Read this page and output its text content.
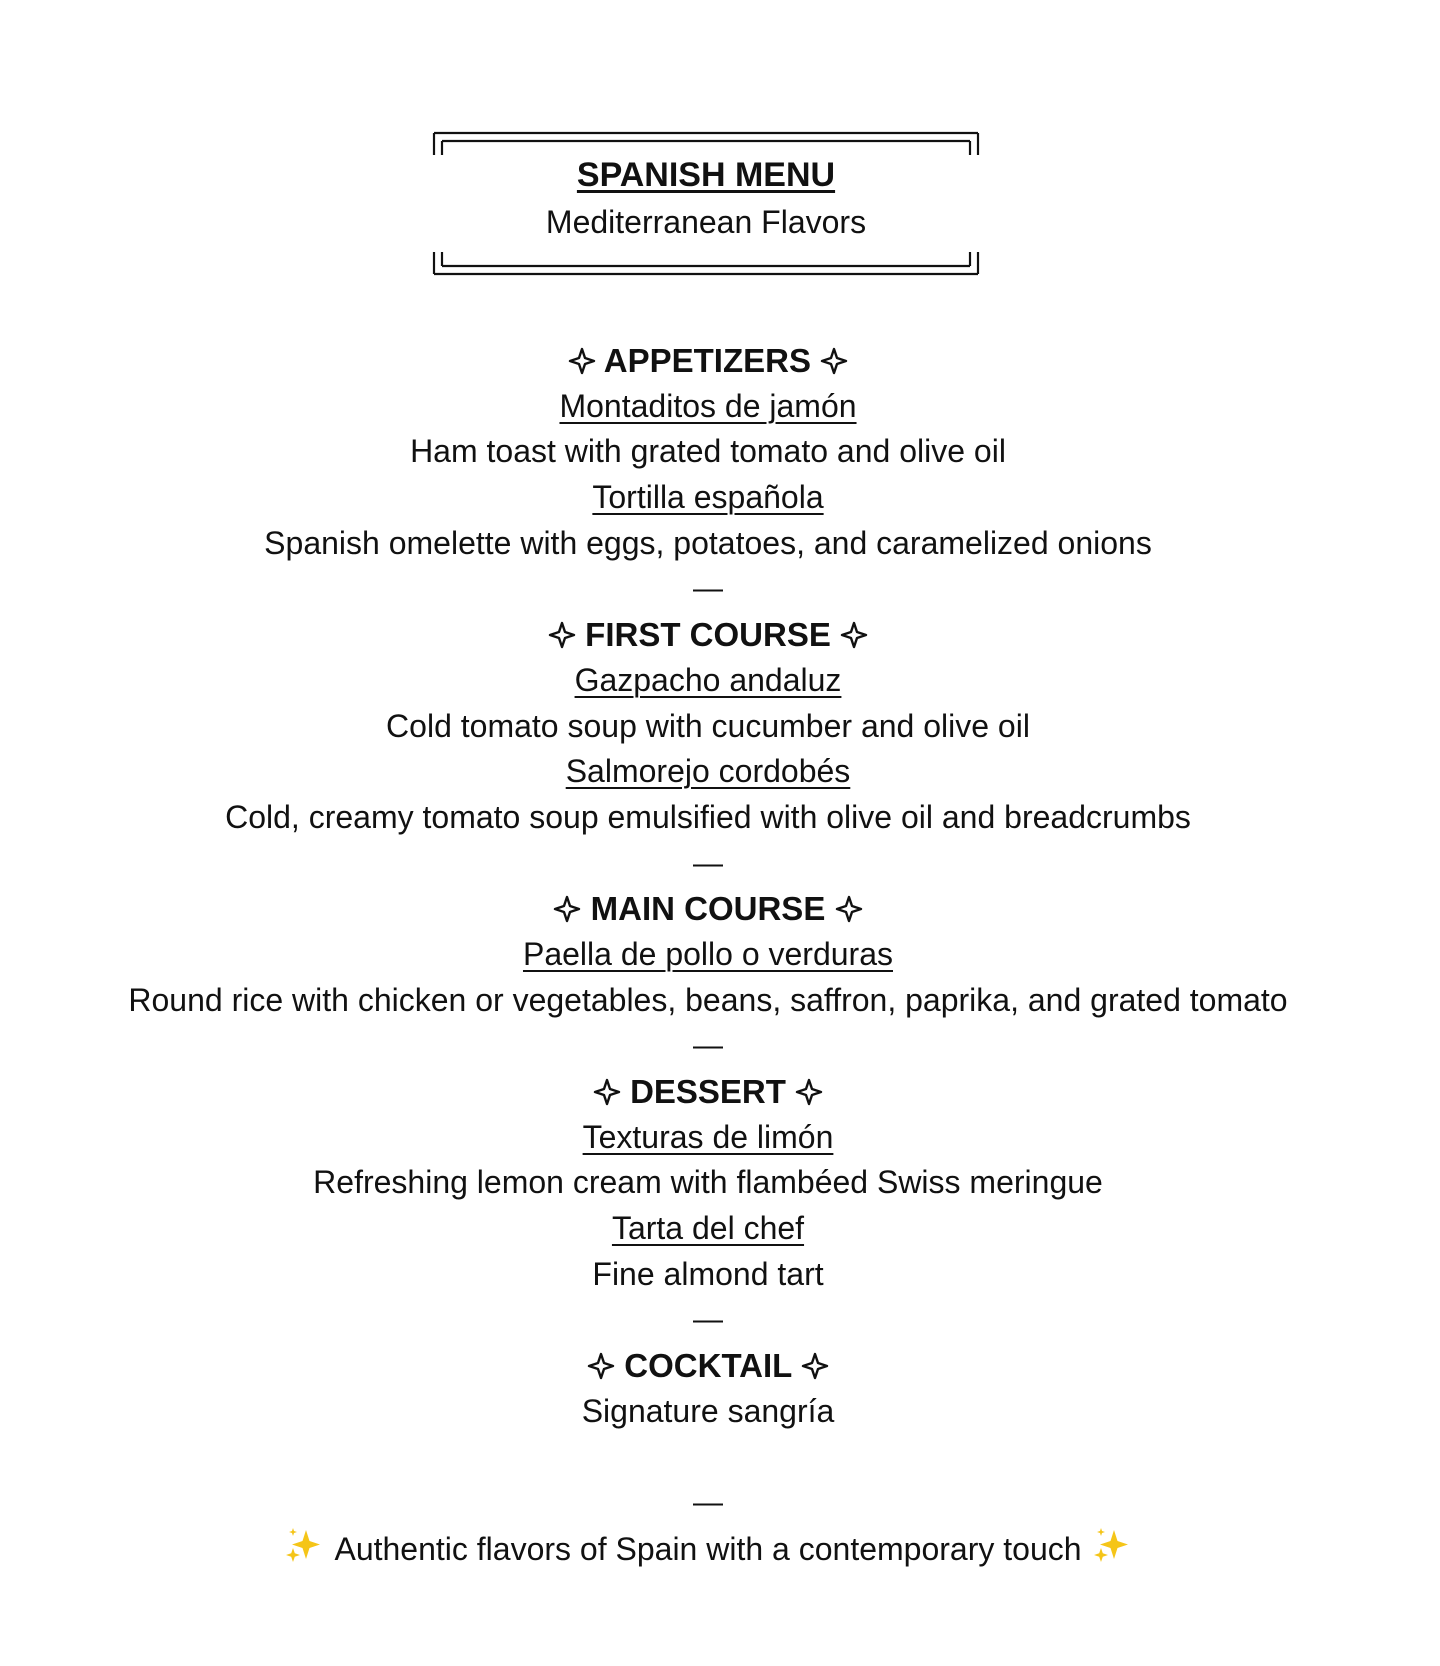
SPANISH MENU
Mediterranean Flavors
APPETIZERS
Montaditos de jamón
Ham toast with grated tomato and olive oil
Tortilla española
Spanish omelette with eggs, potatoes, and caramelized onions
—
FIRST COURSE
Gazpacho andaluz
Cold tomato soup with cucumber and olive oil
Salmorejo cordobés
Cold, creamy tomato soup emulsified with olive oil and breadcrumbs
—
MAIN COURSE
Paella de pollo o verduras
Round rice with chicken or vegetables, beans, saffron, paprika, and grated tomato
—
DESSERT
Texturas de limón
Refreshing lemon cream with flambéed Swiss meringue
Tarta del chef
Fine almond tart
—
COCKTAIL
Signature sangría
—
Authentic flavors of Spain with a contemporary touch
